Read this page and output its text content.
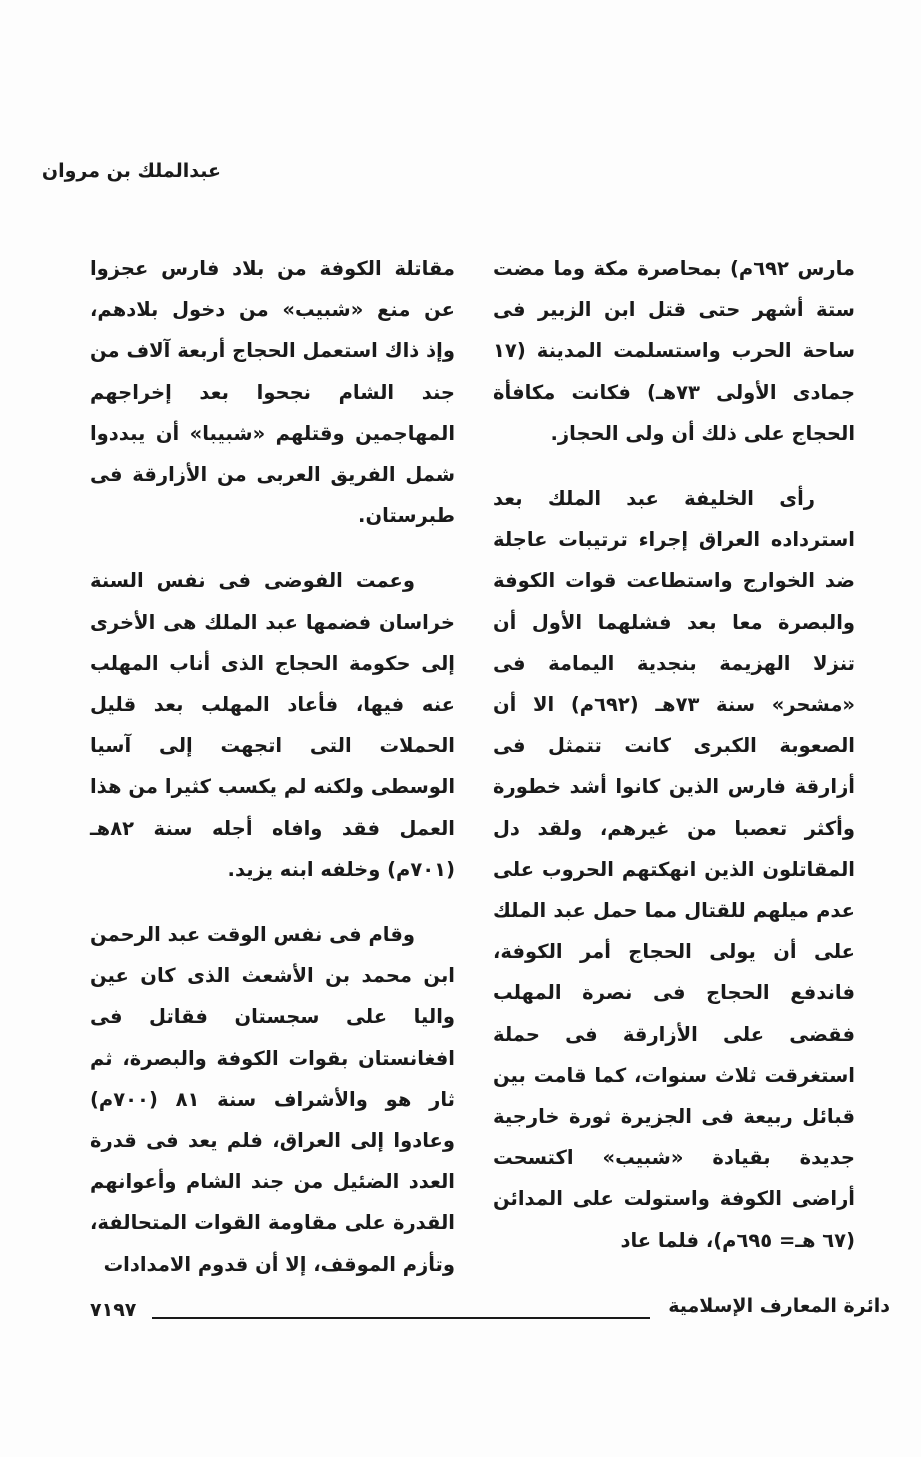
عبدالملك بن مروان

مارس ٦٩٢م) بمحاصرة مكة وما مضت ستة أشهر حتى قتل ابن الزبير فى ساحة الحرب واستسلمت المدينة (١٧ جمادى الأولى ٧٣هـ) فكانت مكافأة الحجاج على ذلك أن ولى الحجاز.

رأى الخليفة عبد الملك بعد استرداده العراق إجراء ترتيبات عاجلة ضد الخوارج واستطاعت قوات الكوفة والبصرة معا بعد فشلهما الأول أن تنزلا الهزيمة بنجدية اليمامة فى «مشحر» سنة ٧٣هـ (٦٩٢م) الا أن الصعوبة الكبرى كانت تتمثل فى أزارقة فارس الذين كانوا أشد خطورة وأكثر تعصبا من غيرهم، ولقد دل المقاتلون الذين انهكتهم الحروب على عدم ميلهم للقتال مما حمل عبد الملك على أن يولى الحجاج أمر الكوفة، فاندفع الحجاج فى نصرة المهلب فقضى على الأزارقة فى حملة استغرقت ثلاث سنوات، كما قامت بين قبائل ربيعة فى الجزيرة ثورة خارجية جديدة بقيادة «شبيب» اكتسحت أراضى الكوفة واستولت على المدائن (٦٧ هـ= ٦٩٥م)، فلما عاد

مقاتلة الكوفة من بلاد فارس عجزوا عن منع «شبيب» من دخول بلادهم، وإذ ذاك استعمل الحجاج أربعة آلاف من جند الشام نجحوا بعد إخراجهم المهاجمين وقتلهم «شبيبا» أن يبددوا شمل الفريق العربى من الأزارقة فى طبرستان.

وعمت الفوضى فى نفس السنة خراسان فضمها عبد الملك هى الأخرى إلى حكومة الحجاج الذى أناب المهلب عنه فيها، فأعاد المهلب بعد قليل الحملات التى اتجهت إلى آسيا الوسطى ولكنه لم يكسب كثيرا من هذا العمل فقد وافاه أجله سنة ٨٢هـ (٧٠١م) وخلفه ابنه يزيد.

وقام فى نفس الوقت عبد الرحمن ابن محمد بن الأشعث الذى كان عين واليا على سجستان فقاتل فى افغانستان بقوات الكوفة والبصرة، ثم ثار هو والأشراف سنة ٨١ (٧٠٠م) وعادوا إلى العراق، فلم يعد فى قدرة العدد الضئيل من جند الشام وأعوانهم القدرة على مقاومة القوات المتحالفة، وتأزم الموقف، إلا أن قدوم الامدادات

دائرة المعارف الإسلامية
٧١٩٧
